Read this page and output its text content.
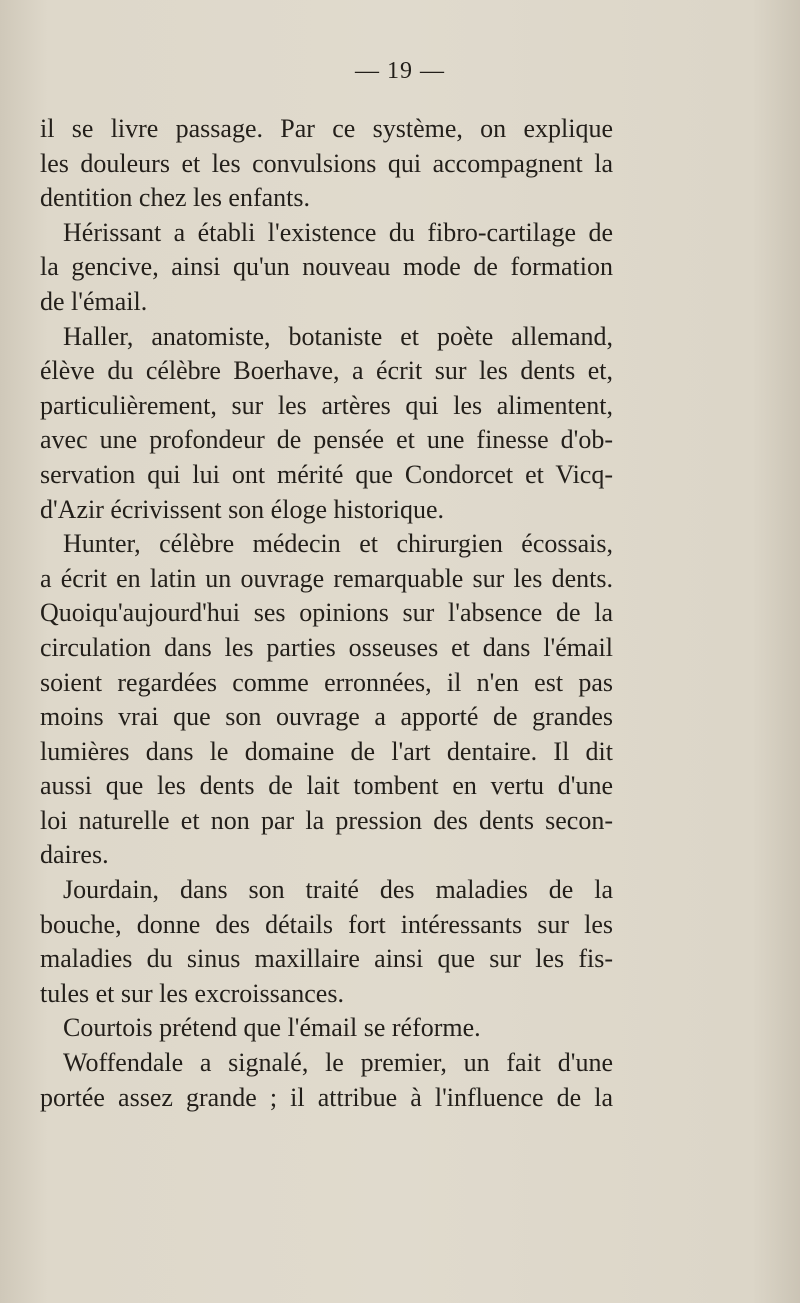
— 19 —
il se livre passage. Par ce système, on explique
les douleurs et les convulsions qui accompagnent la
dentition chez les enfants.
Hérissant a établi l'existence du fibro-cartilage de
la gencive, ainsi qu'un nouveau mode de formation
de l'émail.
Haller, anatomiste, botaniste et poète allemand,
élève du célèbre Boerhave, a écrit sur les dents et,
particulièrement, sur les artères qui les alimentent,
avec une profondeur de pensée et une finesse d'ob-
servation qui lui ont mérité que Condorcet et Vicq-
d'Azir écrivissent son éloge historique.
Hunter, célèbre médecin et chirurgien écossais,
a écrit en latin un ouvrage remarquable sur les dents.
Quoiqu'aujourd'hui ses opinions sur l'absence de la
circulation dans les parties osseuses et dans l'émail
soient regardées comme erronnées, il n'en est pas
moins vrai que son ouvrage a apporté de grandes
lumières dans le domaine de l'art dentaire. Il dit
aussi que les dents de lait tombent en vertu d'une
loi naturelle et non par la pression des dents secon-
daires.
Jourdain, dans son traité des maladies de la
bouche, donne des détails fort intéressants sur les
maladies du sinus maxillaire ainsi que sur les fis-
tules et sur les excroissances.
Courtois prétend que l'émail se réforme.
Woffendale a signalé, le premier, un fait d'une
portée assez grande ; il attribue à l'influence de la
